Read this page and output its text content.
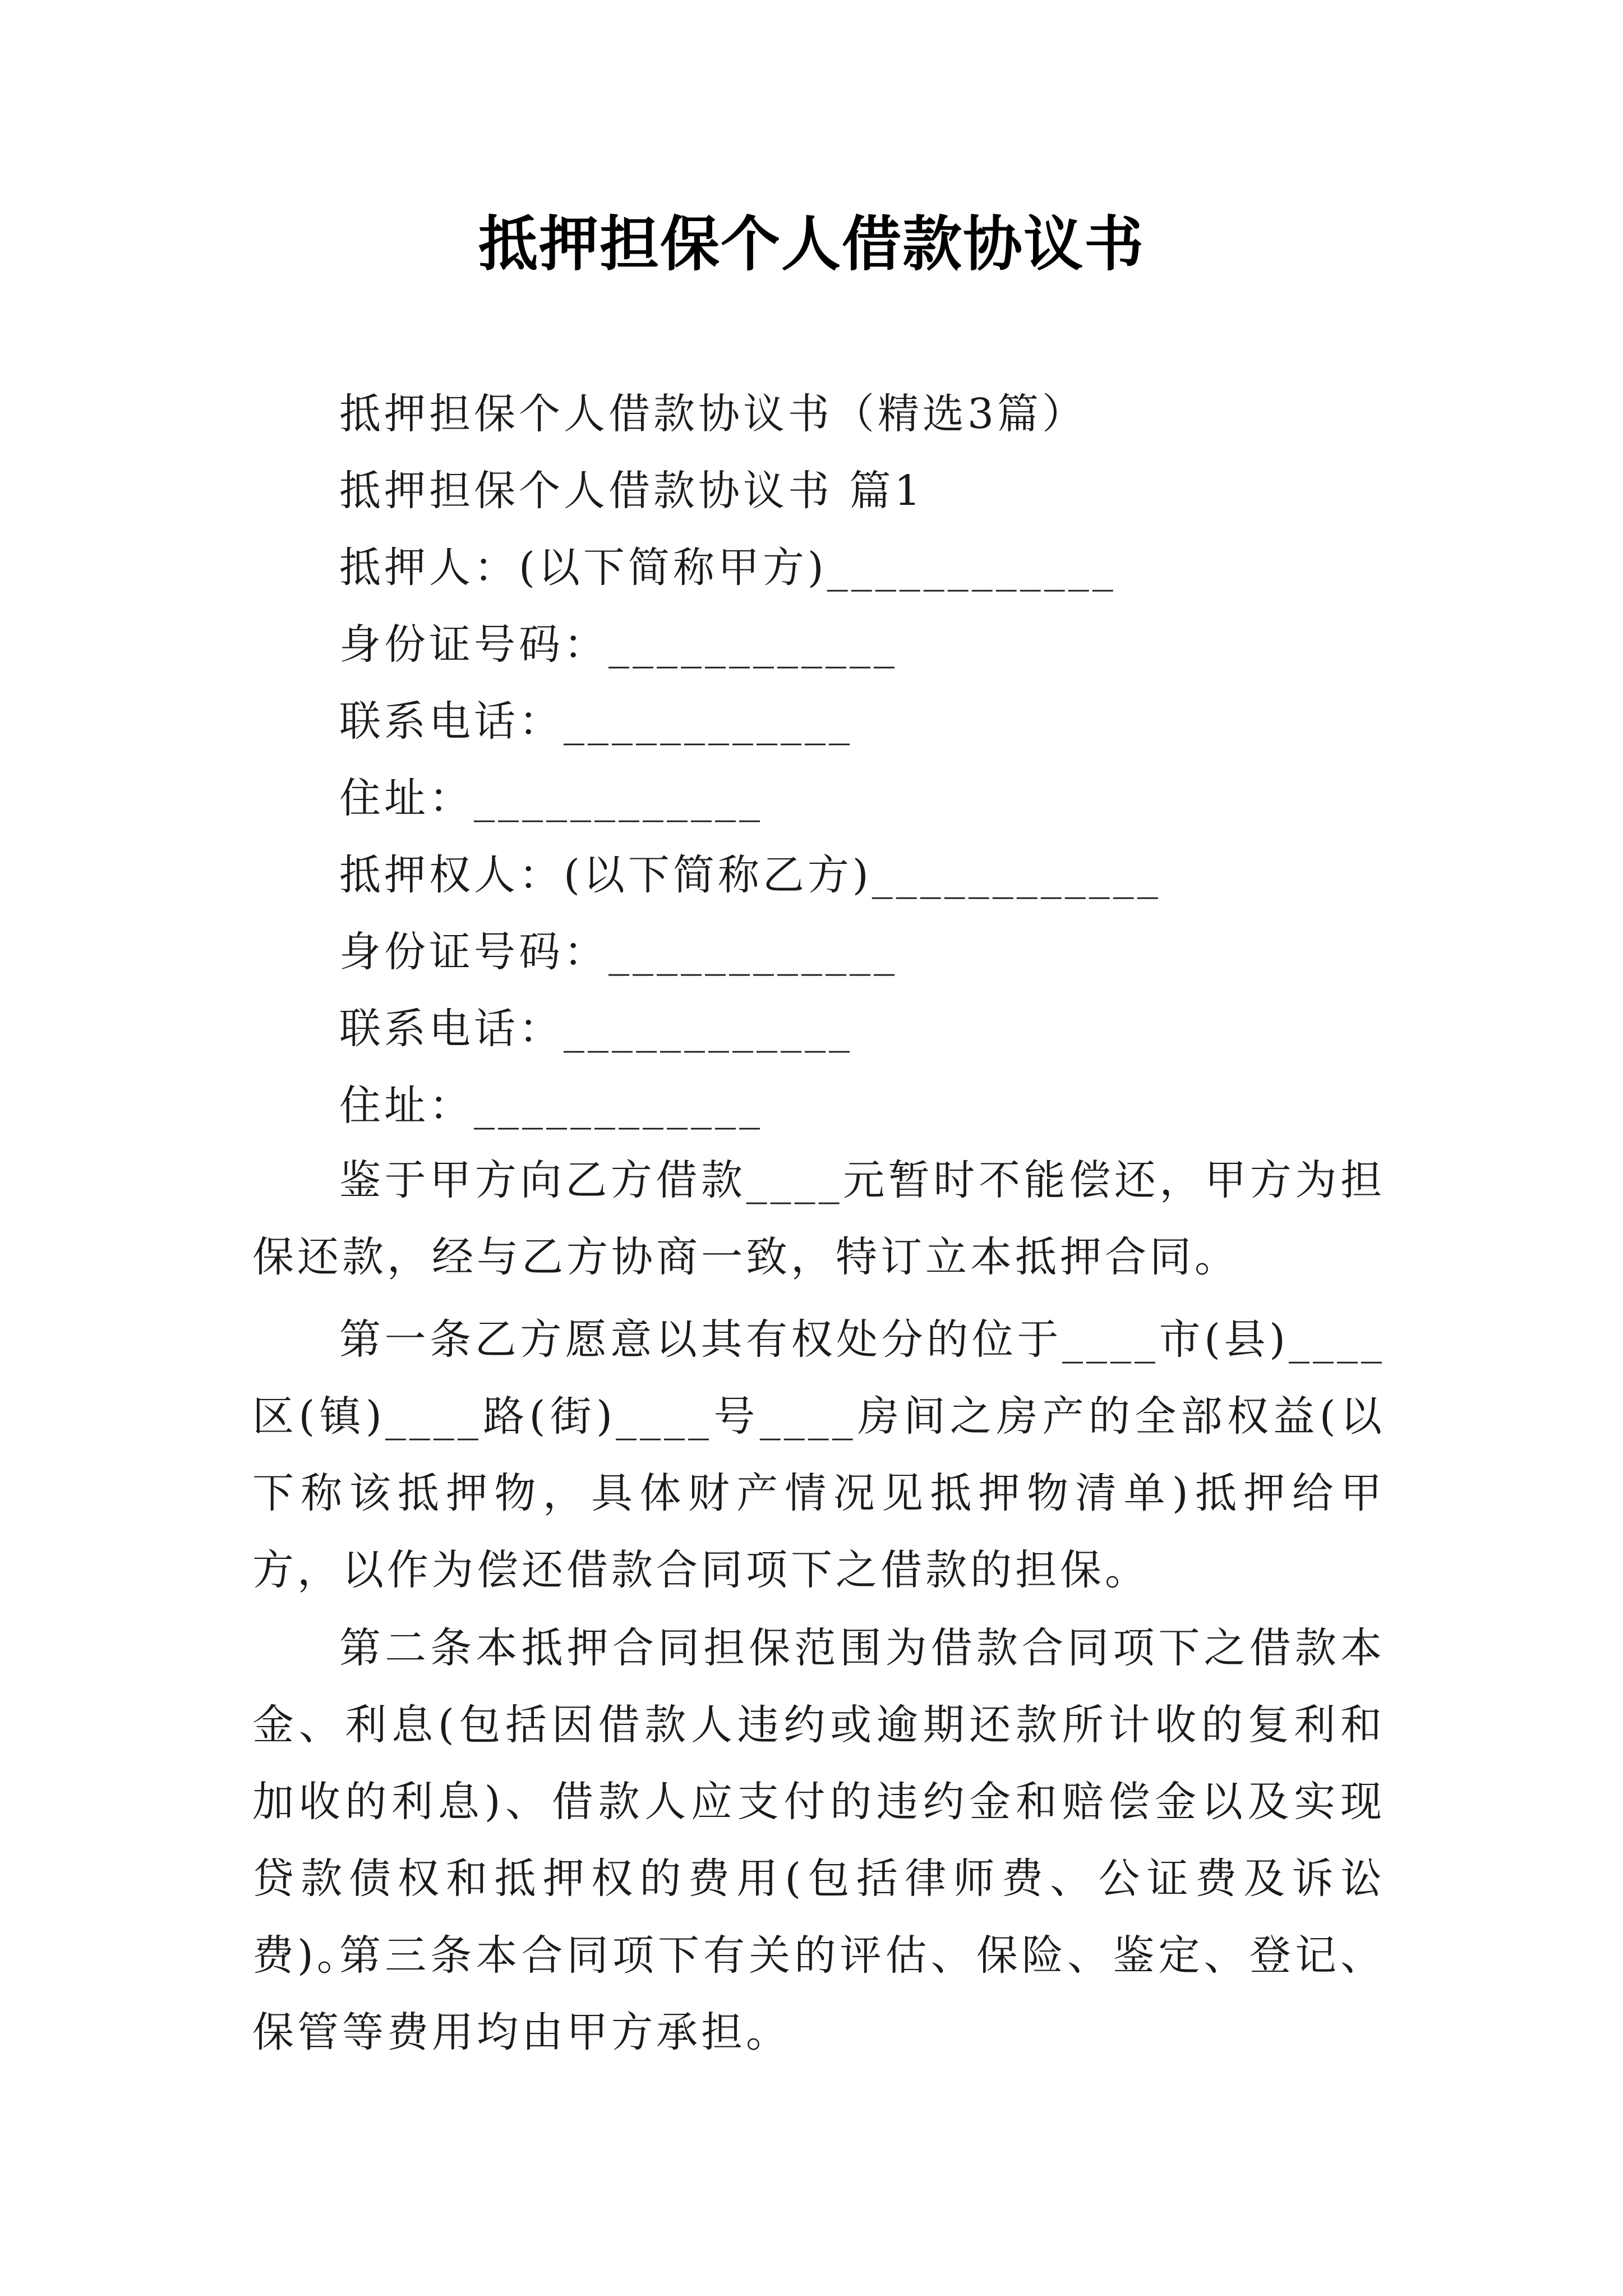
抵押担保个人借款协议书
抵押担保个人借款协议书（精选3篇）
抵押担保个人借款协议书 篇1
抵押人：(以下简称甲方)____________
身份证号码：____________
联系电话：____________
住址：____________
抵押权人：(以下简称乙方)____________
身份证号码：____________
联系电话：____________
住址：____________
鉴于甲方向乙方借款____元暂时不能偿还，甲方为担保还款，经与乙方协商一致，特订立本抵押合同。
第一条乙方愿意以其有权处分的位于____市(县)____区(镇)____路(街)____号____房间之房产的全部权益(以下称该抵押物，具体财产情况见抵押物清单)抵押给甲方，以作为偿还借款合同项下之借款的担保。
第二条本抵押合同担保范围为借款合同项下之借款本金、利息(包括因借款人违约或逾期还款所计收的复利和加收的利息)、借款人应支付的违约金和赔偿金以及实现贷款债权和抵押权的费用(包括律师费、公证费及诉讼费)。
第三条本合同项下有关的评估、保险、鉴定、登记、保管等费用均由甲方承担。
